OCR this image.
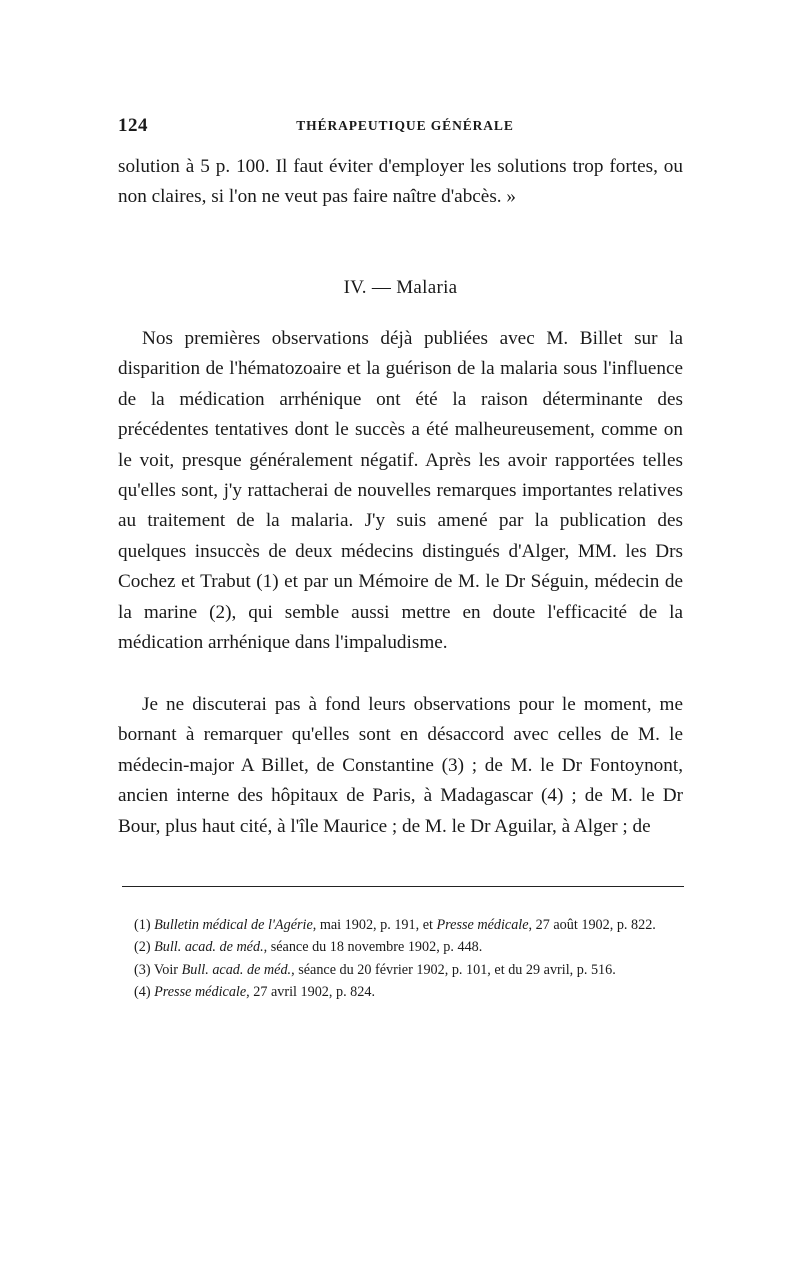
124	THÉRAPEUTIQUE GÉNÉRALE

solution à 5 p. 100. Il faut éviter d'employer les solutions trop fortes, ou non claires, si l'on ne veut pas faire naître d'abcès. »

IV. — Malaria

Nos premières observations déjà publiées avec M. Billet sur la disparition de l'hématozoaire et la guérison de la malaria sous l'influence de la médication arrhénique ont été la raison déterminante des précédentes tentatives dont le succès a été malheureusement, comme on le voit, presque généralement négatif. Après les avoir rapportées telles qu'elles sont, j'y rattacherai de nouvelles remarques importantes relatives au traitement de la malaria. J'y suis amené par la publication des quelques insuccès de deux médecins distingués d'Alger, MM. les Drs Cochez et Trabut (1) et par un Mémoire de M. le Dr Séguin, médecin de la marine (2), qui semble aussi mettre en doute l'efficacité de la médication arrhénique dans l'impaludisme.

Je ne discuterai pas à fond leurs observations pour le moment, me bornant à remarquer qu'elles sont en désaccord avec celles de M. le médecin-major A Billet, de Constantine (3) ; de M. le Dr Fontoynont, ancien interne des hôpitaux de Paris, à Madagascar (4) ; de M. le Dr Bour, plus haut cité, à l'île Maurice ; de M. le Dr Aguilar, à Alger ; de

(1) Bulletin médical de l'Agérie, mai 1902, p. 191, et Presse médicale, 27 août 1902, p. 822.

(2) Bull. acad. de méd., séance du 18 novembre 1902, p. 448.

(3) Voir Bull. acad. de méd., séance du 20 février 1902, p. 101, et du 29 avril, p. 516.

(4) Presse médicale, 27 avril 1902, p. 824.
